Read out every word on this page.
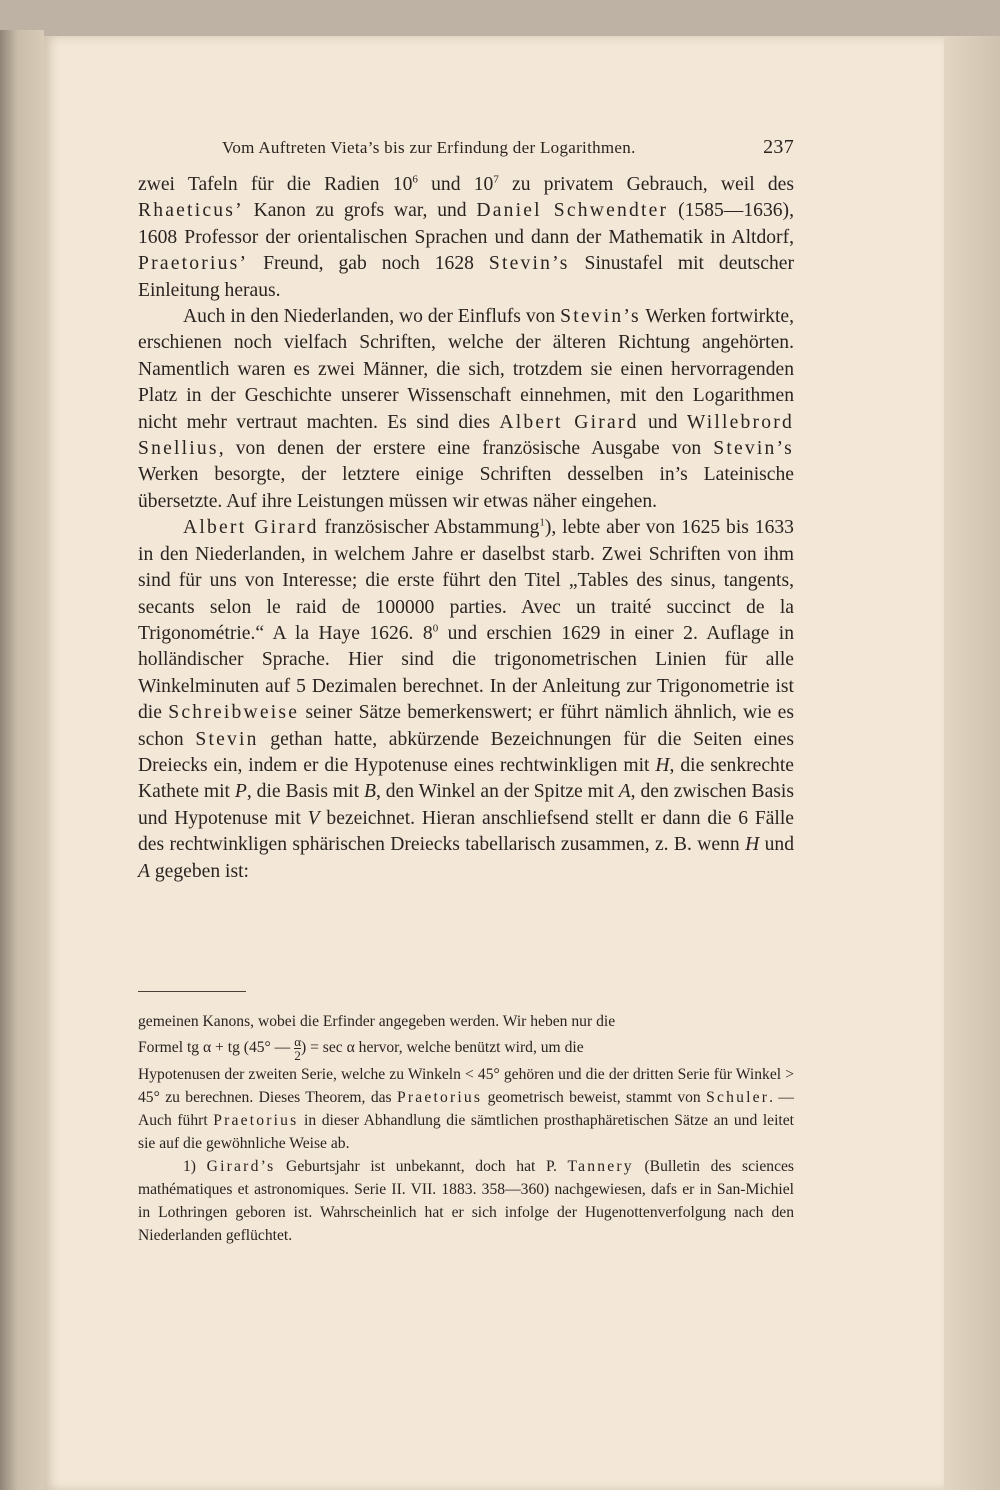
Vom Auftreten Vieta’s bis zur Erfindung der Logarithmen.	237

zwei Tafeln für die Radien $10^6$ und $10^7$ zu privatem Gebrauch, weil des Rhaeticus’ Kanon zu grofs war, und Daniel Schwendter (1585—1636), 1608 Professor der orientalischen Sprachen und dann der Mathematik in Altdorf, Praetorius’ Freund, gab noch 1628 Stevin’s Sinustafel mit deutscher Einleitung heraus.

Auch in den Niederlanden, wo der Einflufs von Stevin’s Werken fortwirkte, erschienen noch vielfach Schriften, welche der älteren Richtung angehörten. Namentlich waren es zwei Männer, die sich, trotzdem sie einen hervorragenden Platz in der Geschichte unserer Wissenschaft einnehmen, mit den Logarithmen nicht mehr vertraut machten. Es sind dies Albert Girard und Willebrord Snellius, von denen der erstere eine französische Ausgabe von Stevin’s Werken besorgte, der letztere einige Schriften desselben in’s Lateinische übersetzte. Auf ihre Leistungen müssen wir etwas näher eingehen.

Albert Girard französischer Abstammung$^1$), lebte aber von 1625 bis 1633 in den Niederlanden, in welchem Jahre er daselbst starb. Zwei Schriften von ihm sind für uns von Interesse; die erste führt den Titel „Tables des sinus, tangents, secants selon le raid de 100000 parties. Avec un traité succinct de la Trigonométrie.“ A la Haye 1626. $8^0$ und erschien 1629 in einer 2. Auflage in holländischer Sprache. Hier sind die trigonometrischen Linien für alle Winkelminuten auf 5 Dezimalen berechnet. In der Anleitung zur Trigonometrie ist die Schreibweise seiner Sätze bemerkenswert; er führt nämlich ähnlich, wie es schon Stevin gethan hatte, abkürzende Bezeichnungen für die Seiten eines Dreiecks ein, indem er die Hypotenuse eines rechtwinkligen mit H, die senkrechte Kathete mit P, die Basis mit B, den Winkel an der Spitze mit A, den zwischen Basis und Hypotenuse mit V bezeichnet. Hieran anschliefsend stellt er dann die 6 Fälle des rechtwinkligen sphärischen Dreiecks tabellarisch zusammen, z. B. wenn H und A gegeben ist:

gemeinen Kanons, wobei die Erfinder angegeben werden. Wir heben nur die

Formel tg α + tg (45° — $\frac{\alpha}{2}$ ) = sec α hervor, welche benützt wird, um die

Hypotenusen der zweiten Serie, welche zu Winkeln < 45° gehören und die der dritten Serie für Winkel > 45° zu berechnen. Dieses Theorem, das Praetorius geometrisch beweist, stammt von Schuler. — Auch führt Praetorius in dieser Abhandlung die sämtlichen prosthaphäretischen Sätze an und leitet sie auf die gewöhnliche Weise ab.

1) Girard’s Geburtsjahr ist unbekannt, doch hat P. Tannery (Bulletin des sciences mathématiques et astronomiques. Serie II. VII. 1883. 358—360) nachgewiesen, dafs er in San-Michiel in Lothringen geboren ist. Wahrscheinlich hat er sich infolge der Hugenottenverfolgung nach den Niederlanden geflüchtet.
